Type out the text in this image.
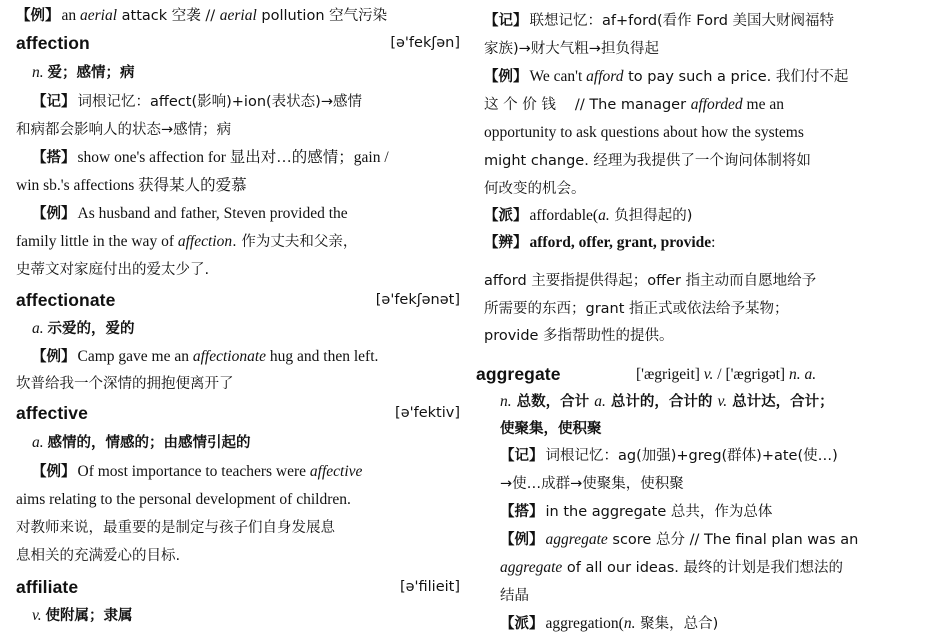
【例】 an aerial attack 空袭 // aerial pollution 空气污染
affection	[ə'fekʃən]
n. 爱；感情；病
【记】 词根记忆：affect(影响)+ion(表状态)→感情
和病都会影响人的状态→感情；病
【搭】 show one's affection for 显出对…的感情；gain /
win sb.'s affections 获得某人的爱慕
【例】 As husband and father, Steven provided the
family little in the way of affection. 作为丈夫和父亲，
史蒂文对家庭付出的爱太少了.
affectionate	[ə'fekʃənət]
a. 示爱的，爱的
【例】 Camp gave me an affectionate hug and then left.
坎普给我一个深情的拥抱便离开了
affective	[ə'fektiv]
a. 感情的，情感的；由感情引起的
【例】 Of most importance to teachers were affective
aims relating to the personal development of children.
对教师来说，最重要的是制定与孩子们自身发展息
息相关的充满爱心的目标.
affiliate	[ə'filieit]
v. 使附属；隶属
【记】 联想记忆：af+ford(看作 Ford 美国大财阀福特
家族)→财大气粗→担负得起
【例】 We can't afford to pay such a price. 我们付不起
这 个 价 钱　 // The manager afforded me an
opportunity to ask questions about how the systems
might change. 经理为我提供了一个询问体制将如
何改变的机会。
【派】 affordable(a. 负担得起的)
【辨】 afford, offer, grant, provide:
afford 主要指提供得起；offer 指主动而自愿地给予
所需要的东西；grant 指正式或依法给予某物；
provide 多指帮助性的提供。
aggregate	['ægrigeit] v. / ['ægrigət] n. a.
n. 总数，合计 a. 总计的，合计的 v. 总计达，合计；
使聚集，使积聚
【记】 词根记忆：ag(加强)+greg(群体)+ate(使…)
→使…成群→使聚集，使积聚
【搭】 in the aggregate 总共，作为总体
【例】 aggregate score 总分 // The final plan was an
aggregate of all our ideas. 最终的计划是我们想法的
结晶
【派】 aggregation(n. 聚集，总合)
